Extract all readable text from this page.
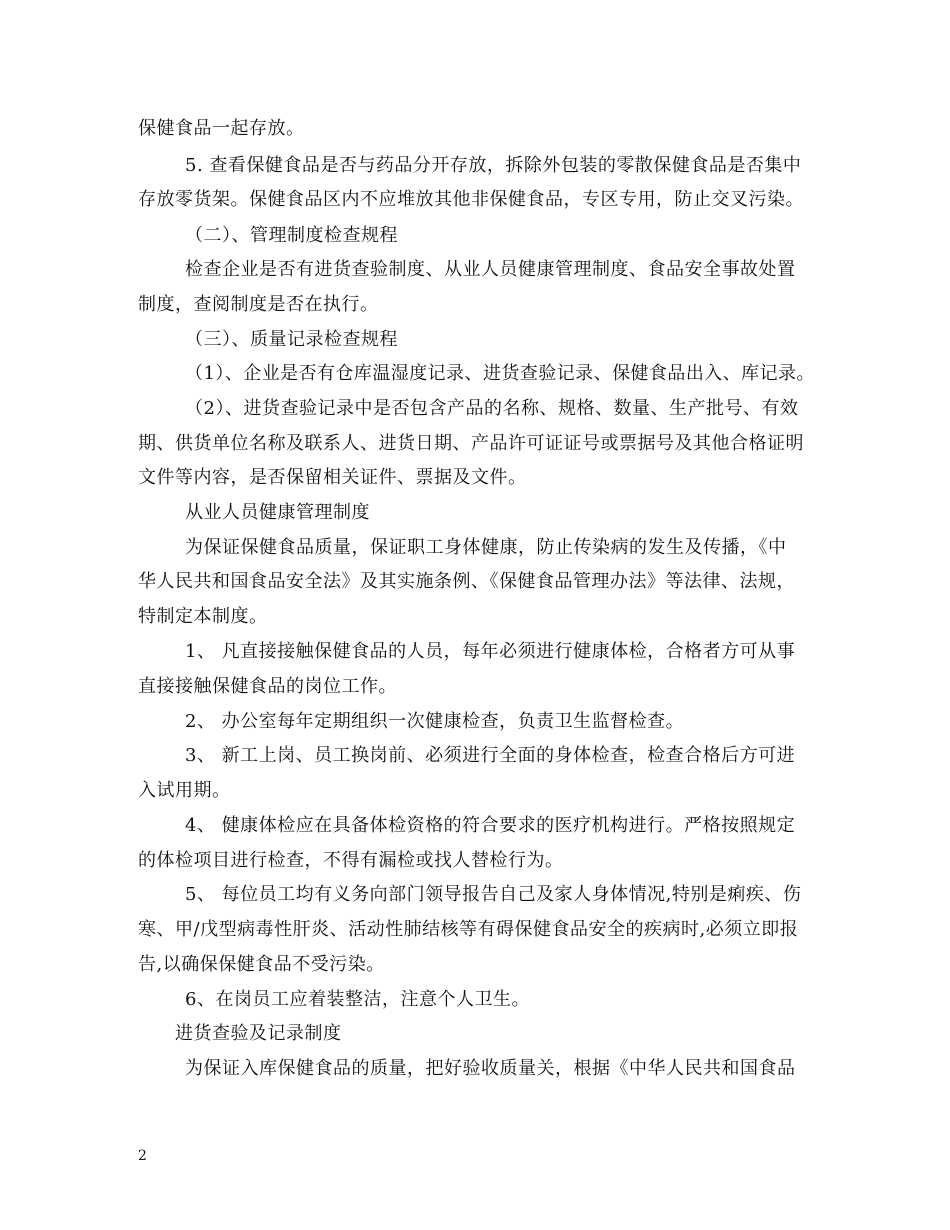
保健食品一起存放。
5. 查看保健食品是否与药品分开存放，拆除外包装的零散保健食品是否集中
存放零货架。保健食品区内不应堆放其他非保健食品，专区专用，防止交叉污染。
（二）、管理制度检查规程
检查企业是否有进货查验制度、从业人员健康管理制度、食品安全事故处置
制度，查阅制度是否在执行。
（三）、质量记录检查规程
（1）、企业是否有仓库温湿度记录、进货查验记录、保健食品出入、库记录。
（2）、进货查验记录中是否包含产品的名称、规格、数量、生产批号、有效
期、供货单位名称及联系人、进货日期、产品许可证证号或票据号及其他合格证明
文件等内容，是否保留相关证件、票据及文件。
从业人员健康管理制度
为保证保健食品质量，保证职工身体健康，防止传染病的发生及传播，《中
华人民共和国食品安全法》及其实施条例、《保健食品管理办法》等法律、法规，
特制定本制度。
1、 凡直接接触保健食品的人员，每年必须进行健康体检，合格者方可从事
直接接触保健食品的岗位工作。
2、 办公室每年定期组织一次健康检查，负责卫生监督检查。
3、 新工上岗、员工换岗前、必须进行全面的身体检查，检查合格后方可进
入试用期。
4、 健康体检应在具备体检资格的符合要求的医疗机构进行。严格按照规定
的体检项目进行检查，不得有漏检或找人替检行为。
5、 每位员工均有义务向部门领导报告自己及家人身体情况,特别是痢疾、伤
寒、甲/戊型病毒性肝炎、活动性肺结核等有碍保健食品安全的疾病时,必须立即报
告,以确保保健食品不受污染。
6、在岗员工应着装整洁，注意个人卫生。
进货查验及记录制度
为保证入库保健食品的质量，把好验收质量关，根据《中华人民共和国食品
2
